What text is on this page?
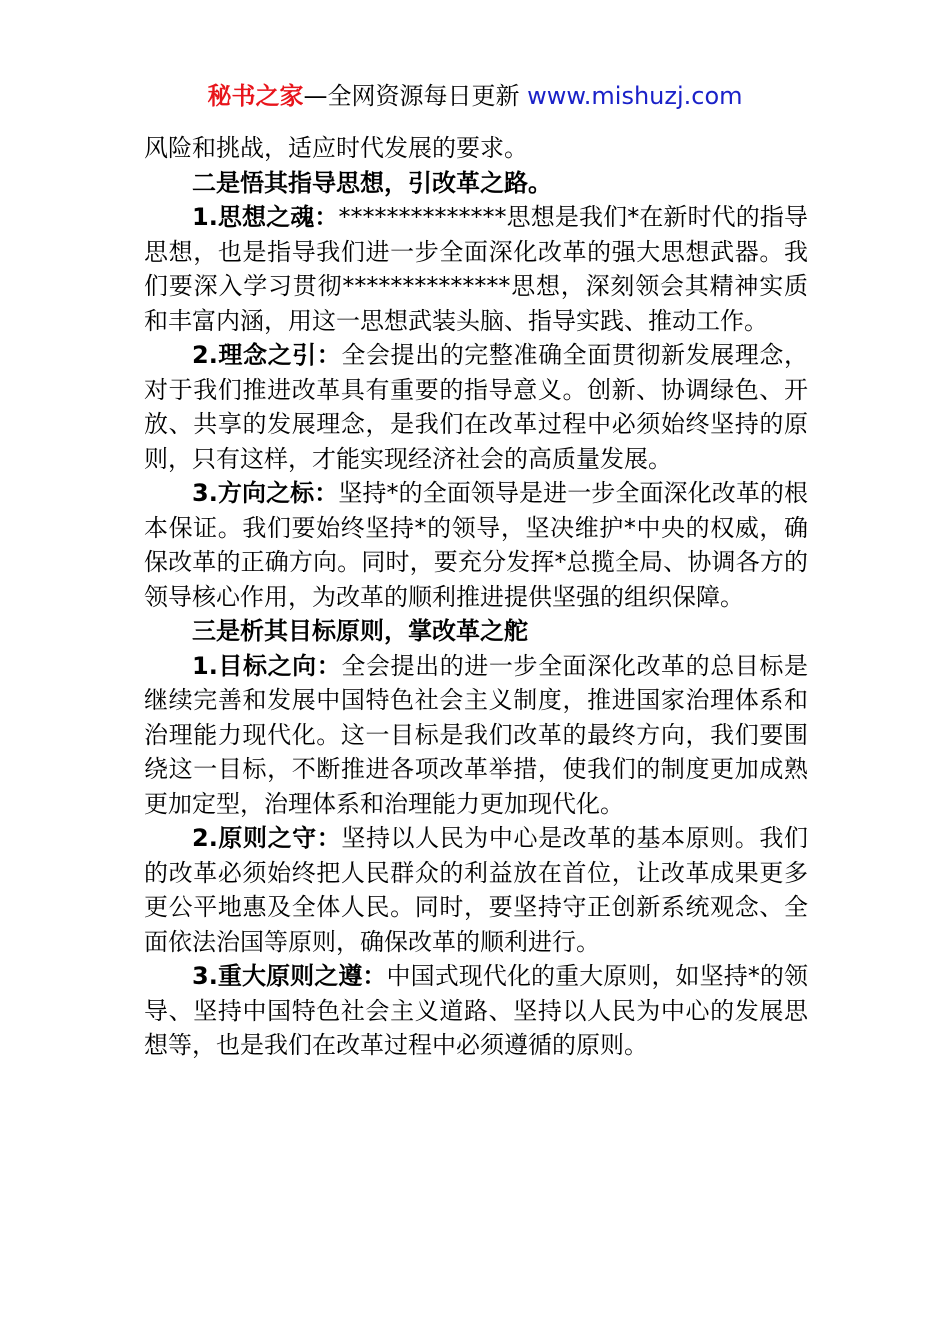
秘书之家—全网资源每日更新 www.mishuzj.com

风险和挑战，适应时代发展的要求。

二是悟其指导思想，引改革之路。

1.思想之魂：**************思想是我们*在新时代的指导思想，也是指导我们进一步全面深化改革的强大思想武器。我们要深入学习贯彻**************思想，深刻领会其精神实质和丰富内涵，用这一思想武装头脑、指导实践、推动工作。

2.理念之引：全会提出的完整准确全面贯彻新发展理念，对于我们推进改革具有重要的指导意义。创新、协调绿色、开放、共享的发展理念，是我们在改革过程中必须始终坚持的原则，只有这样，才能实现经济社会的高质量发展。

3.方向之标：坚持*的全面领导是进一步全面深化改革的根本保证。我们要始终坚持*的领导，坚决维护*中央的权威，确保改革的正确方向。同时，要充分发挥*总揽全局、协调各方的领导核心作用，为改革的顺利推进提供坚强的组织保障。

三是析其目标原则，掌改革之舵

1.目标之向：全会提出的进一步全面深化改革的总目标是继续完善和发展中国特色社会主义制度，推进国家治理体系和治理能力现代化。这一目标是我们改革的最终方向，我们要围绕这一目标，不断推进各项改革举措，使我们的制度更加成熟更加定型，治理体系和治理能力更加现代化。

2.原则之守：坚持以人民为中心是改革的基本原则。我们的改革必须始终把人民群众的利益放在首位，让改革成果更多更公平地惠及全体人民。同时，要坚持守正创新系统观念、全面依法治国等原则，确保改革的顺利进行。

3.重大原则之遵：中国式现代化的重大原则，如坚持*的领导、坚持中国特色社会主义道路、坚持以人民为中心的发展思想等，也是我们在改革过程中必须遵循的原则。
